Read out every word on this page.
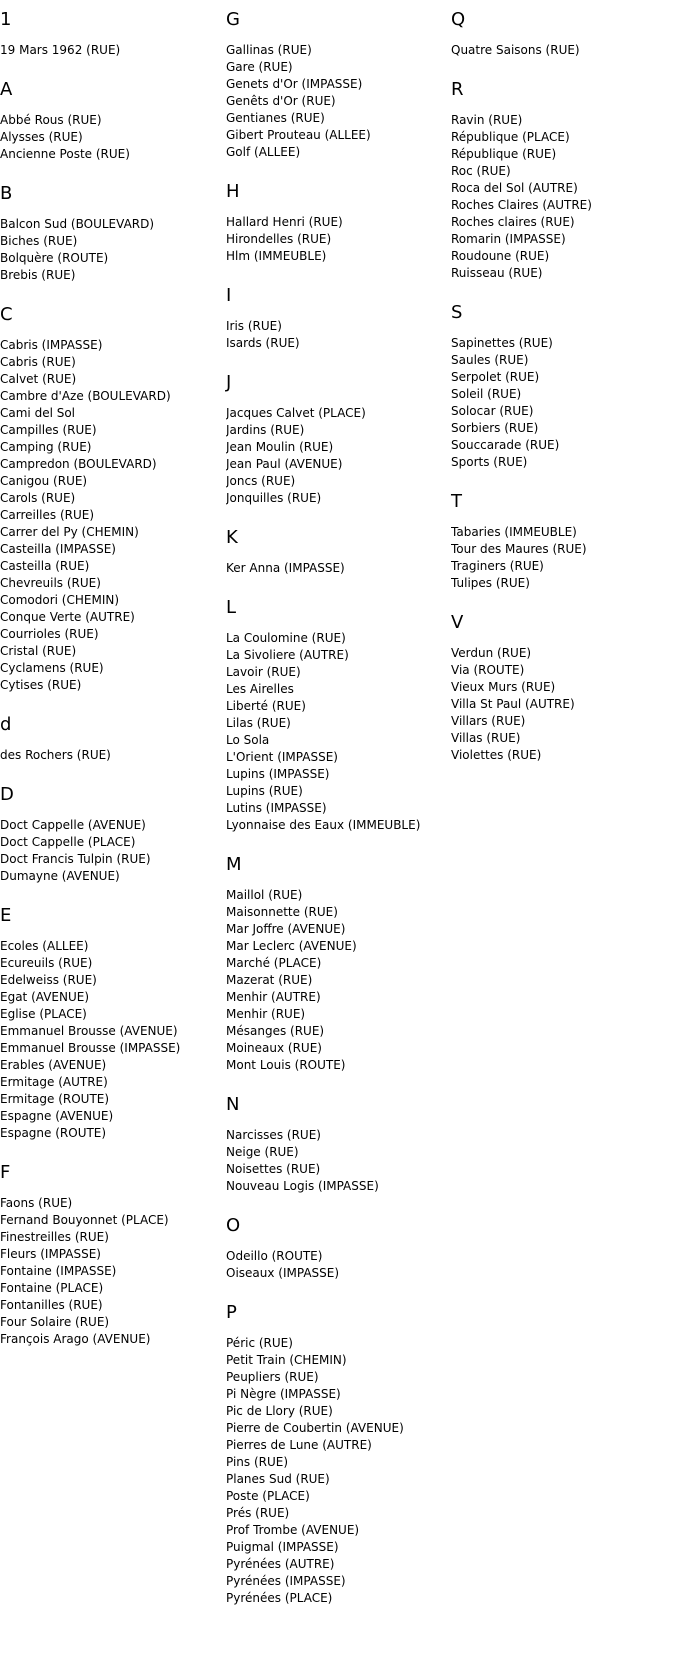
1
19 Mars 1962 (RUE)
A
Abbé Rous (RUE)
Alysses (RUE)
Ancienne Poste (RUE)
B
Balcon Sud (BOULEVARD)
Biches (RUE)
Bolquère (ROUTE)
Brebis (RUE)
C
Cabris (IMPASSE)
Cabris (RUE)
Calvet (RUE)
Cambre d'Aze (BOULEVARD)
Cami del Sol
Campilles (RUE)
Camping (RUE)
Campredon (BOULEVARD)
Canigou (RUE)
Carols (RUE)
Carreilles (RUE)
Carrer del Py (CHEMIN)
Casteilla (IMPASSE)
Casteilla (RUE)
Chevreuils (RUE)
Comodori (CHEMIN)
Conque Verte (AUTRE)
Courrioles (RUE)
Cristal (RUE)
Cyclamens (RUE)
Cytises (RUE)
d
des Rochers (RUE)
D
Doct Cappelle (AVENUE)
Doct Cappelle (PLACE)
Doct Francis Tulpin (RUE)
Dumayne (AVENUE)
E
Ecoles (ALLEE)
Ecureuils (RUE)
Edelweiss (RUE)
Egat (AVENUE)
Eglise (PLACE)
Emmanuel Brousse (AVENUE)
Emmanuel Brousse (IMPASSE)
Erables (AVENUE)
Ermitage (AUTRE)
Ermitage (ROUTE)
Espagne (AVENUE)
Espagne (ROUTE)
F
Faons (RUE)
Fernand Bouyonnet (PLACE)
Finestreilles (RUE)
Fleurs (IMPASSE)
Fontaine (IMPASSE)
Fontaine (PLACE)
Fontanilles (RUE)
Four Solaire (RUE)
François Arago (AVENUE)
G
Gallinas (RUE)
Gare (RUE)
Genets d'Or (IMPASSE)
Genêts d'Or (RUE)
Gentianes (RUE)
Gibert Prouteau (ALLEE)
Golf (ALLEE)
H
Hallard Henri (RUE)
Hirondelles (RUE)
Hlm (IMMEUBLE)
I
Iris (RUE)
Isards (RUE)
J
Jacques Calvet (PLACE)
Jardins (RUE)
Jean Moulin (RUE)
Jean Paul (AVENUE)
Joncs (RUE)
Jonquilles (RUE)
K
Ker Anna (IMPASSE)
L
La Coulomine (RUE)
La Sivoliere (AUTRE)
Lavoir (RUE)
Les Airelles
Liberté (RUE)
Lilas (RUE)
Lo Sola
L'Orient (IMPASSE)
Lupins (IMPASSE)
Lupins (RUE)
Lutins (IMPASSE)
Lyonnaise des Eaux (IMMEUBLE)
M
Maillol (RUE)
Maisonnette (RUE)
Mar Joffre (AVENUE)
Mar Leclerc (AVENUE)
Marché (PLACE)
Mazerat (RUE)
Menhir (AUTRE)
Menhir (RUE)
Mésanges (RUE)
Moineaux (RUE)
Mont Louis (ROUTE)
N
Narcisses (RUE)
Neige (RUE)
Noisettes (RUE)
Nouveau Logis (IMPASSE)
O
Odeillo (ROUTE)
Oiseaux (IMPASSE)
P
Péric (RUE)
Petit Train (CHEMIN)
Peupliers (RUE)
Pi Nègre (IMPASSE)
Pic de Llory (RUE)
Pierre de Coubertin (AVENUE)
Pierres de Lune (AUTRE)
Pins (RUE)
Planes Sud (RUE)
Poste (PLACE)
Prés (RUE)
Prof Trombe (AVENUE)
Puigmal (IMPASSE)
Pyrénées (AUTRE)
Pyrénées (IMPASSE)
Pyrénées (PLACE)
Q
Quatre Saisons (RUE)
R
Ravin (RUE)
République (PLACE)
République (RUE)
Roc (RUE)
Roca del Sol (AUTRE)
Roches Claires (AUTRE)
Roches claires (RUE)
Romarin (IMPASSE)
Roudoune (RUE)
Ruisseau (RUE)
S
Sapinettes (RUE)
Saules (RUE)
Serpolet (RUE)
Soleil (RUE)
Solocar (RUE)
Sorbiers (RUE)
Souccarade (RUE)
Sports (RUE)
T
Tabaries (IMMEUBLE)
Tour des Maures (RUE)
Traginers (RUE)
Tulipes (RUE)
V
Verdun (RUE)
Via (ROUTE)
Vieux Murs (RUE)
Villa St Paul (AUTRE)
Villars (RUE)
Villas (RUE)
Violettes (RUE)
